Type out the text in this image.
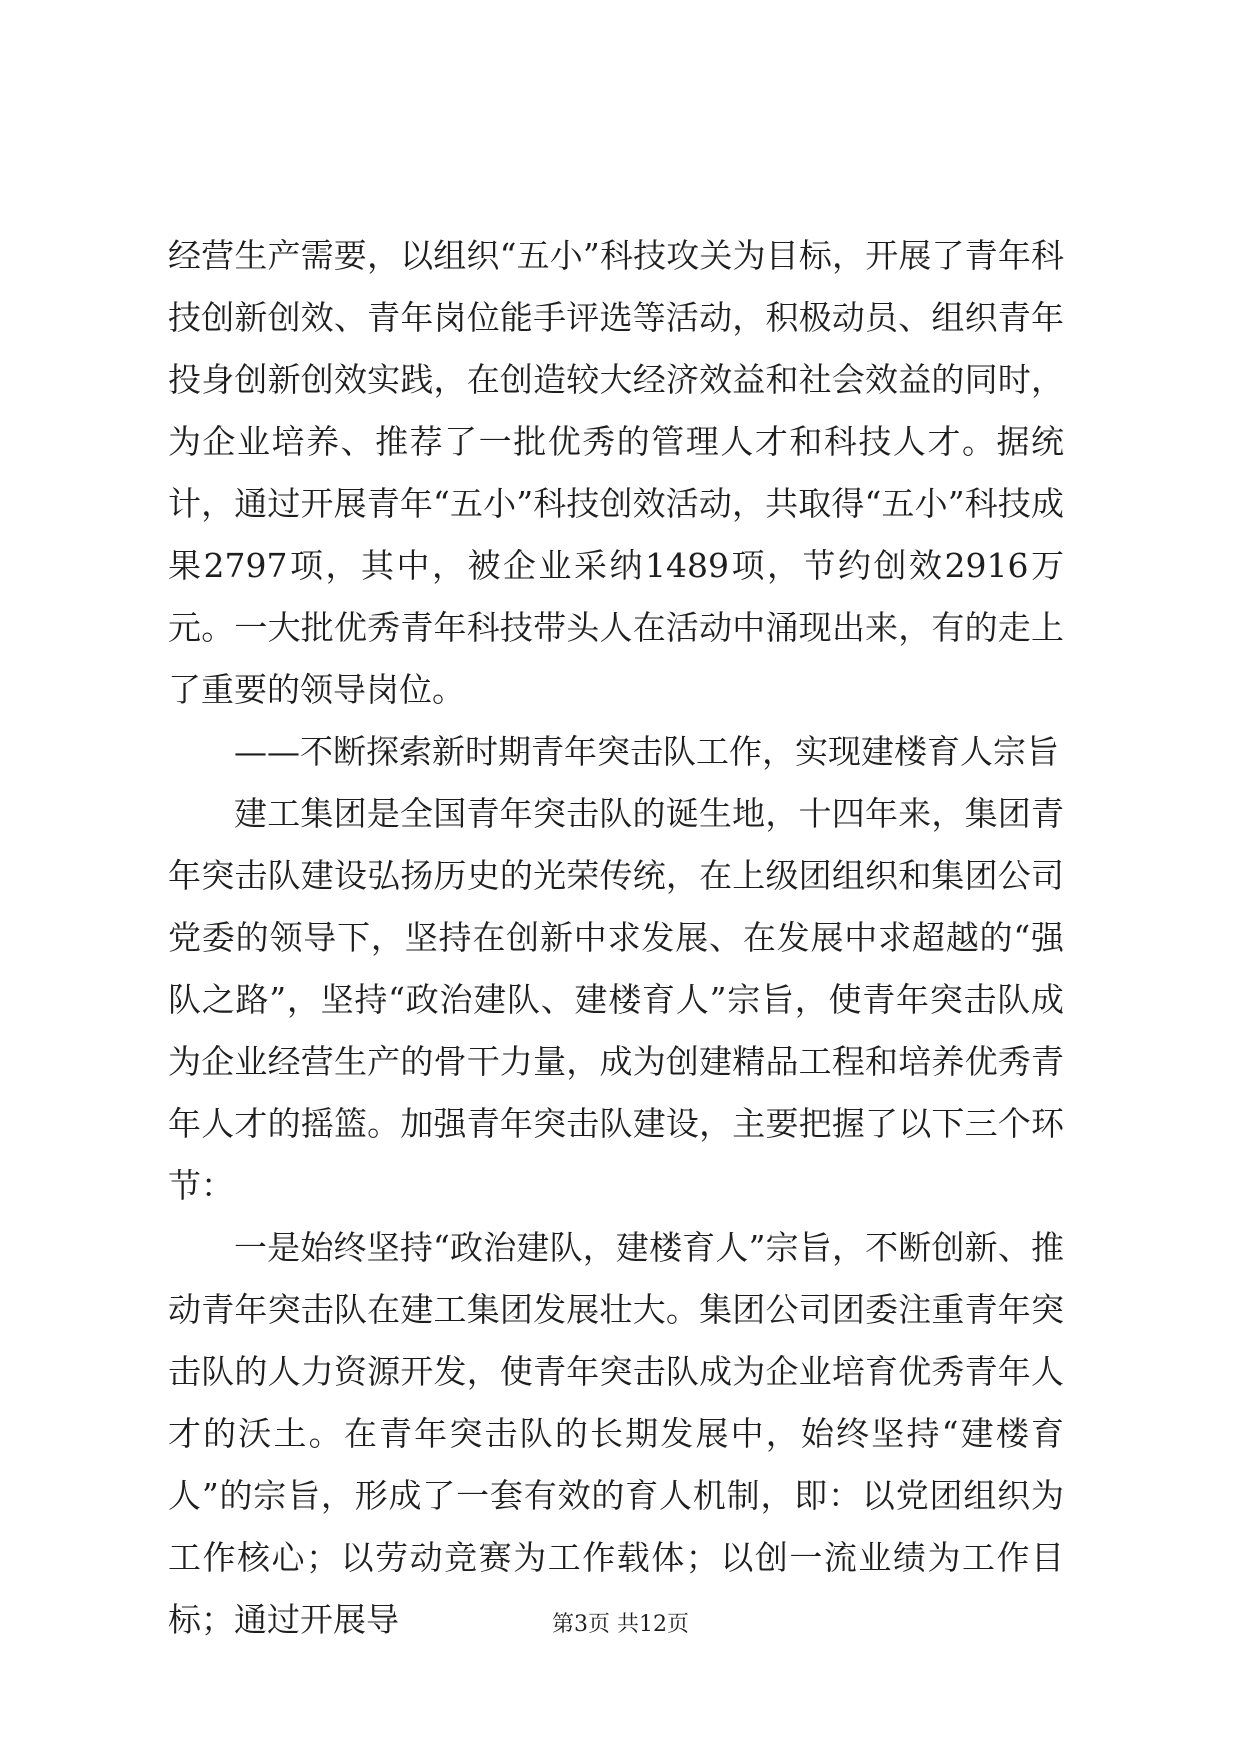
经营生产需要，以组织“五小”科技攻关为目标，开展了青年科技创新创效、青年岗位能手评选等活动，积极动员、组织青年投身创新创效实践，在创造较大经济效益和社会效益的同时，为企业培养、推荐了一批优秀的管理人才和科技人才。据统计，通过开展青年“五小”科技创效活动，共取得“五小”科技成果2797项，其中，被企业采纳1489项，节约创效2916万元。一大批优秀青年科技带头人在活动中涌现出来，有的走上了重要的领导岗位。

——不断探索新时期青年突击队工作，实现建楼育人宗旨

建工集团是全国青年突击队的诞生地，十四年来，集团青年突击队建设弘扬历史的光荣传统，在上级团组织和集团公司党委的领导下，坚持在创新中求发展、在发展中求超越的“强队之路”，坚持“政治建队、建楼育人”宗旨，使青年突击队成为企业经营生产的骨干力量，成为创建精品工程和培养优秀青年人才的摇篮。加强青年突击队建设，主要把握了以下三个环节：

一是始终坚持“政治建队，建楼育人”宗旨，不断创新、推动青年突击队在建工集团发展壮大。集团公司团委注重青年突击队的人力资源开发，使青年突击队成为企业培育优秀青年人才的沃土。在青年突击队的长期发展中，始终坚持“建楼育人”的宗旨，形成了一套有效的育人机制，即：以党团组织为工作核心；以劳动竞赛为工作载体；以创一流业绩为工作目标；通过开展导	第3页 共12页
